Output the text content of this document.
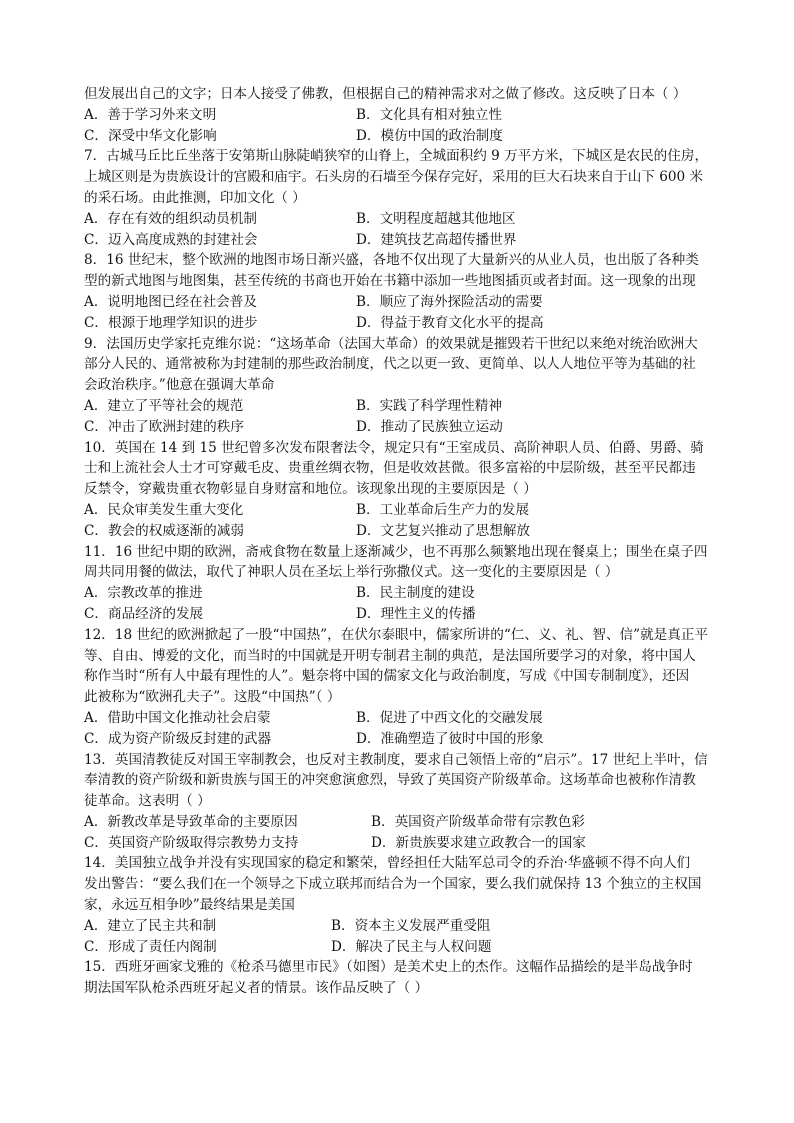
但发展出自己的文字；日本人接受了佛教，但根据自己的精神需求对之做了修改。这反映了日本（ ）
A．善于学习外来文明	B．文化具有相对独立性
C．深受中华文化影响	D．模仿中国的政治制度
7．古城马丘比丘坐落于安第斯山脉陡峭狭窄的山脊上，全城面积约 9 万平方米，下城区是农民的住房，
上城区则是为贵族设计的宫殿和庙宇。石头房的石墙至今保存完好，采用的巨大石块来自于山下 600 米
的采石场。由此推测，印加文化（ ）
A．存在有效的组织动员机制	B．文明程度超越其他地区
C．迈入高度成熟的封建社会	D．建筑技艺高超传播世界
8．16 世纪末，整个欧洲的地图市场日渐兴盛，各地不仅出现了大量新兴的从业人员，也出版了各种类
型的新式地图与地图集，甚至传统的书商也开始在书籍中添加一些地图插页或者封面。这一现象的出现
A．说明地图已经在社会普及	B．顺应了海外探险活动的需要
C．根源于地理学知识的进步	D．得益于教育文化水平的提高
9．法国历史学家托克维尔说：“这场革命（法国大革命）的效果就是摧毁若干世纪以来绝对统治欧洲大
部分人民的、通常被称为封建制的那些政治制度，代之以更一致、更简单、以人人地位平等为基础的社
会政治秩序。”他意在强调大革命
A．建立了平等社会的规范	B．实践了科学理性精神
C．冲击了欧洲封建的秩序	D．推动了民族独立运动
10．英国在 14 到 15 世纪曾多次发布限奢法令，规定只有“王室成员、高阶神职人员、伯爵、男爵、骑
士和上流社会人士才可穿戴毛皮、贵重丝绸衣物，但是收效甚微。很多富裕的中层阶级，甚至平民都违
反禁令，穿戴贵重衣物彰显自身财富和地位。该现象出现的主要原因是（ ）
A．民众审美发生重大变化	B．工业革命后生产力的发展
C．教会的权威逐渐的减弱	D．文艺复兴推动了思想解放
11．16 世纪中期的欧洲，斋戒食物在数量上逐渐减少，也不再那么频繁地出现在餐桌上；围坐在桌子四
周共同用餐的做法，取代了神职人员在圣坛上举行弥撒仪式。这一变化的主要原因是（ ）
A．宗教改革的推进	B．民主制度的建设
C．商品经济的发展	D．理性主义的传播
12．18 世纪的欧洲掀起了一股“中国热”，在伏尔泰眼中，儒家所讲的“仁、义、礼、智、信”就是真正平
等、自由、博爱的文化，而当时的中国就是开明专制君主制的典范，是法国所要学习的对象，将中国人
称作当时“所有人中最有理性的人”。魁奈将中国的儒家文化与政治制度，写成《中国专制制度》，还因
此被称为“欧洲孔夫子”。这股“中国热”（ ）
A．借助中国文化推动社会启蒙	B．促进了中西文化的交融发展
C．成为资产阶级反封建的武器	D．准确塑造了彼时中国的形象
13．英国清教徒反对国王宰制教会，也反对主教制度，要求自己领悟上帝的“启示”。17 世纪上半叶，信
奉清教的资产阶级和新贵族与国王的冲突愈演愈烈，导致了英国资产阶级革命。这场革命也被称作清教
徒革命。这表明（ ）
A．新教改革是导致革命的主要原因	B．英国资产阶级革命带有宗教色彩
C．英国资产阶级取得宗教势力支持	D．新贵族要求建立政教合一的国家
14．美国独立战争并没有实现国家的稳定和繁荣，曾经担任大陆军总司令的乔治·华盛顿不得不向人们
发出警告：“要么我们在一个领导之下成立联邦而结合为一个国家，要么我们就保持 13 个独立的主权国
家，永远互相争吵”最终结果是美国
A．建立了民主共和制	B．资本主义发展严重受阻
C．形成了责任内阁制	D．解决了民主与人权问题
15．西班牙画家戈雅的《枪杀马德里市民》（如图）是美术史上的杰作。这幅作品描绘的是半岛战争时
期法国军队枪杀西班牙起义者的情景。该作品反映了（ ）
